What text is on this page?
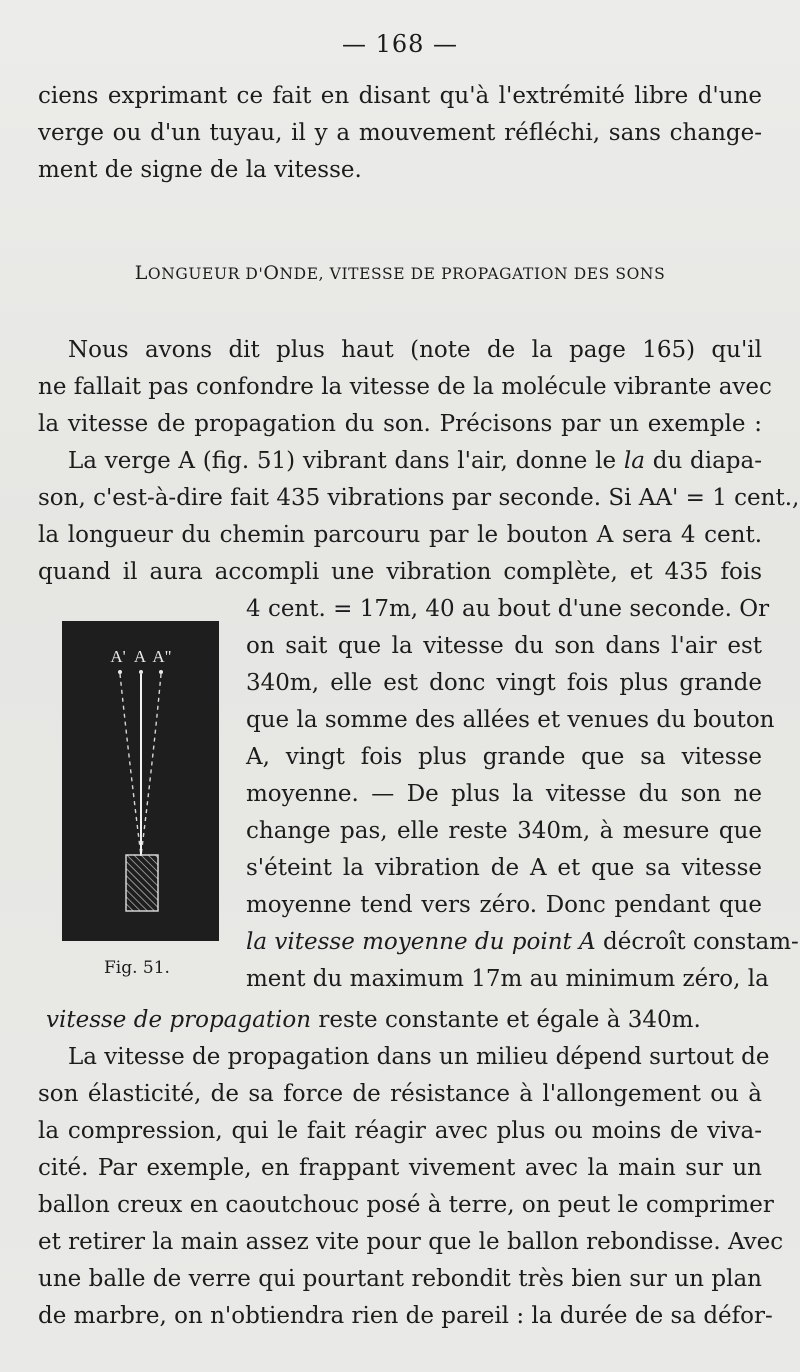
— 168 —
ciens exprimant ce fait en disant qu'à l'extrémité libre d'une
verge ou d'un tuyau, il y a mouvement réfléchi, sans change-
ment de signe de la vitesse.
LONGUEUR D'ONDE, VITESSE DE PROPAGATION DES SONS
Nous avons dit plus haut (note de la page 165) qu'il
ne fallait pas confondre la vitesse de la molécule vibrante avec
la vitesse de propagation du son. Précisons par un exemple :
La verge A (fig. 51) vibrant dans l'air, donne le la du diapa-
son, c'est-à-dire fait 435 vibrations par seconde. Si AA' = 1 cent.,
la longueur du chemin parcouru par le bouton A sera 4 cent.
quand il aura accompli une vibration complète, et 435 fois
4 cent. = 17m, 40 au bout d'une seconde. Or
on sait que la vitesse du son dans l'air est
340m, elle est donc vingt fois plus grande
que la somme des allées et venues du bouton
A, vingt fois plus grande que sa vitesse
moyenne. — De plus la vitesse du son ne
change pas, elle reste 340m, à mesure que
s'éteint la vibration de A et que sa vitesse
moyenne tend vers zéro. Donc pendant que
la vitesse moyenne du point A décroît constam-
ment du maximum 17m au minimum zéro, la
vitesse de propagation reste constante et égale à 340m.
La vitesse de propagation dans un milieu dépend surtout de
son élasticité, de sa force de résistance à l'allongement ou à
la compression, qui le fait réagir avec plus ou moins de viva-
cité. Par exemple, en frappant vivement avec la main sur un
ballon creux en caoutchouc posé à terre, on peut le comprimer
et retirer la main assez vite pour que le ballon rebondisse. Avec
une balle de verre qui pourtant rebondit très bien sur un plan
de marbre, on n'obtiendra rien de pareil : la durée de sa défor-
A' A A"
Fig. 51.
